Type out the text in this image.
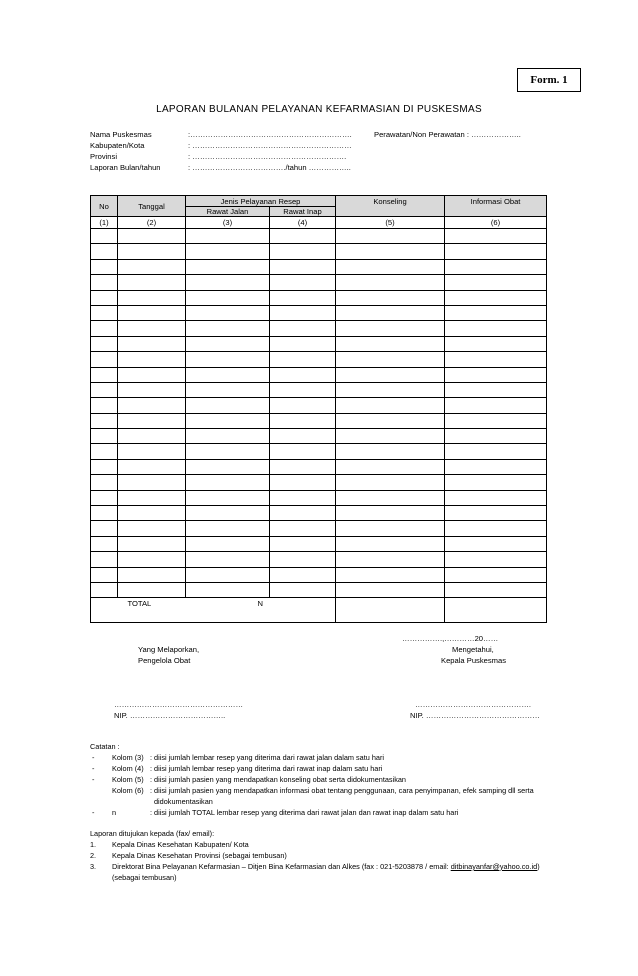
Form. 1
LAPORAN BULANAN PELAYANAN KEFARMASIAN DI PUSKESMAS
Nama Puskesmas	:……………………………………………………….
Kabupaten/Kota	: ………………………………………………………
Provinsi	: …………………………………………………….
Laporan Bulan/tahun	: ………………………………./tahun ……………..
Perawatan/Non Perawatan : ………………..
No	Tanggal	Jenis Pelayanan Resep		Konseling	Informasi Obat
		Rawat Jalan	Rawat Inap		
(1)	(2)	(3)	(4)	(5)	(6)

	TOTAL N				

…………….,…………20……
Yang Melaporkan,
Pengelola Obat
Mengetahui,
Kepala Puskesmas
……………………………………………
NIP. ………………………………..
……………………………………….
NIP. ………………………………………
Catatan :
- Kolom (3) : diisi jumlah lembar resep yang diterima dari rawat jalan dalam satu hari
- Kolom (4) : diisi jumlah lembar resep yang diterima dari rawat inap dalam satu hari
- Kolom (5) : diisi jumlah pasien yang mendapatkan konseling obat serta didokumentasikan
Kolom (6) : diisi jumlah pasien yang mendapatkan informasi obat tentang penggunaan, cara penyimpanan, efek samping dll serta
didokumentasikan
- n	: diisi jumlah TOTAL lembar resep yang diterima dari rawat jalan dan rawat inap dalam satu hari
Laporan ditujukan kepada (fax/ email):
1. Kepala Dinas Kesehatan Kabupaten/ Kota
2. Kepala Dinas Kesehatan Provinsi (sebagai tembusan)
3. Direktorat Bina Pelayanan Kefarmasian – Ditjen Bina Kefarmasian dan Alkes (fax : 021-5203878 / email: ditbinayanfar@yahoo.co.id)
(sebagai tembusan)
